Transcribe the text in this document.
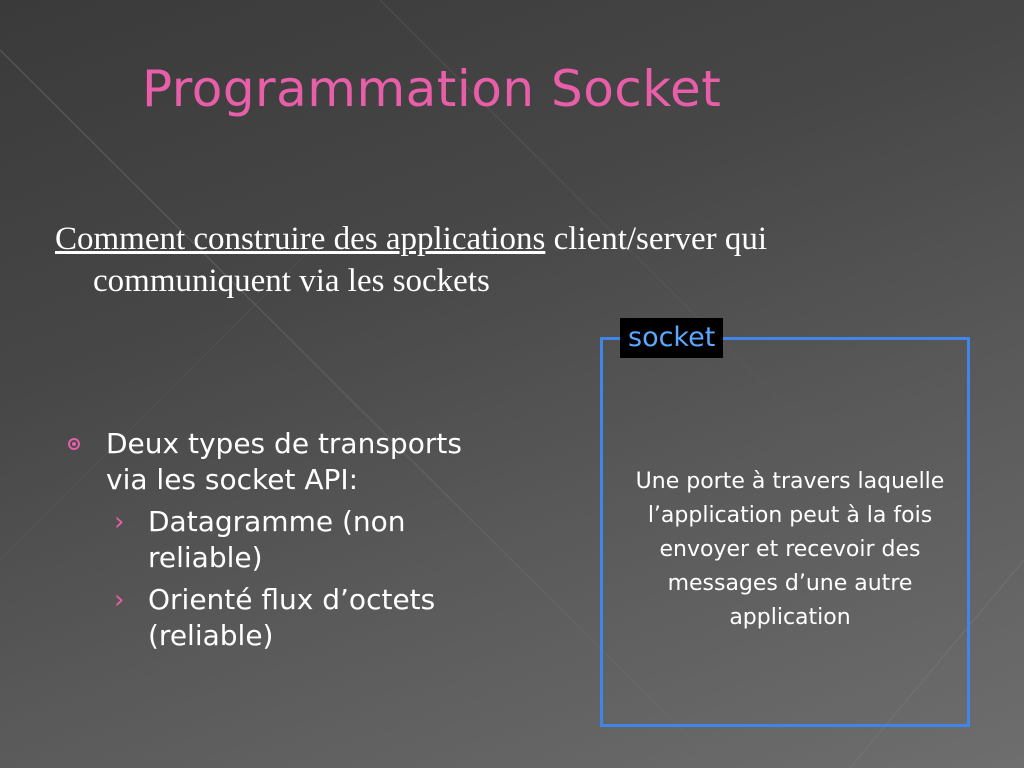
Programmation Socket
Comment construire des applications client/server qui
communiquent via les sockets
Deux types de transports via les socket API:
› Datagramme (non reliable)
› Orienté flux d’octets (reliable)
socket
Une porte à travers laquelle l’application peut à la fois envoyer et recevoir des messages d’une autre application
